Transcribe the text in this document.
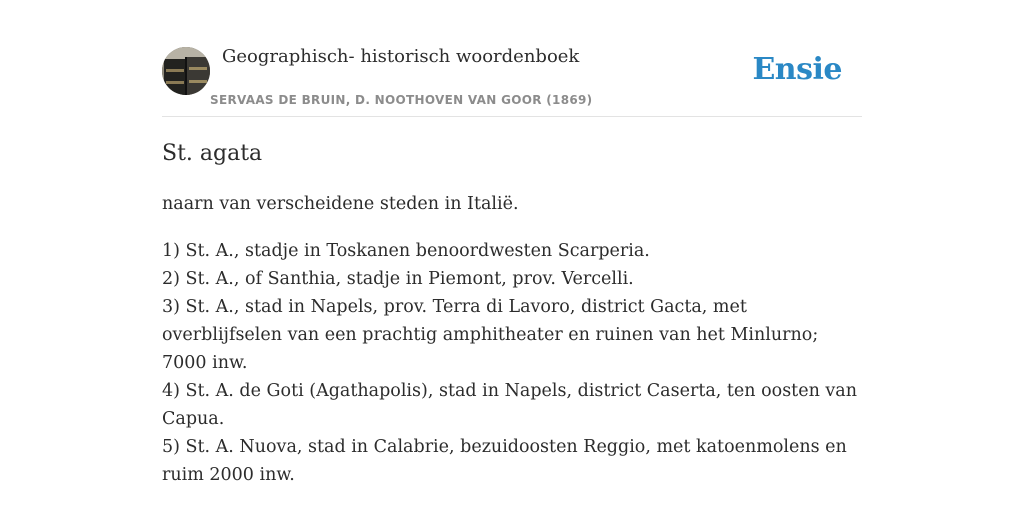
Geographisch- historisch woordenboek
SERVAAS DE BRUIN, D. NOOTHOVEN VAN GOOR (1869)
Ensie
St. agata

naarn van verscheidene steden in Italië.

1) St. A., stadje in Toskanen benoordwesten Scarperia.
2) St. A., of Santhia, stadje in Piemont, prov. Vercelli.
3) St. A., stad in Napels, prov. Terra di Lavoro, district Gacta, met overblijfselen van een prachtig amphitheater en ruinen van het Minlurno; 7000 inw.
4) St. A. de Goti (Agathapolis), stad in Napels, district Caserta, ten oosten van Capua.
5) St. A. Nuova, stad in Calabrie, bezuidoosten Reggio, met katoenmolens en ruim 2000 inw.
